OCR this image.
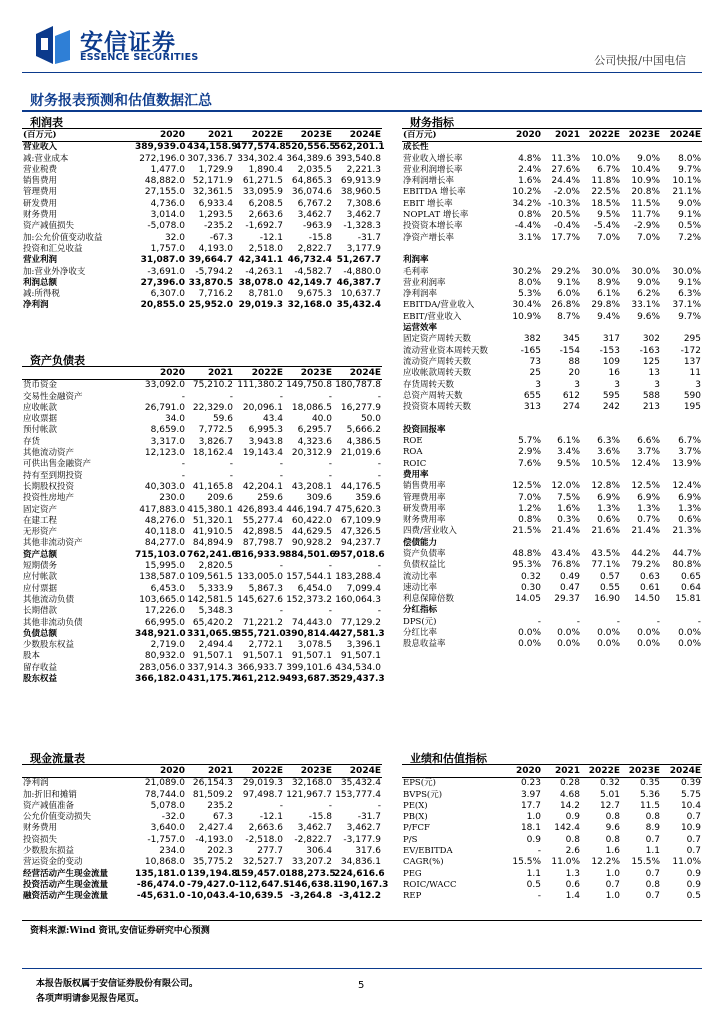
安信证券
ESSENCE SECURITIES	公司快报/中国电信
财务报表预测和估值数据汇总
利润表
(百万元)	2020	2021	2022E	2023E	2024E
营业收入	389,939.0	434,158.9	477,574.8	520,556.5	562,201.1
减:营业成本	272,196.0	307,336.7	334,302.4	364,389.6	393,540.8
营业税费	1,477.0	1,729.9	1,890.4	2,035.5	2,221.3
销售费用	48,882.0	52,171.9	61,271.5	64,865.3	69,913.9
管理费用	27,155.0	32,361.5	33,095.9	36,074.6	38,960.5
研发费用	4,736.0	6,933.4	6,208.5	6,767.2	7,308.6
财务费用	3,014.0	1,293.5	2,663.6	3,462.7	3,462.7
资产减值损失	-5,078.0	-235.2	-1,692.7	-963.9	-1,328.3
加:公允价值变动收益	32.0	-67.3	-12.1	-15.8	-31.7
投资和汇兑收益	1,757.0	4,193.0	2,518.0	2,822.7	3,177.9
营业利润	31,087.0	39,664.7	42,341.1	46,732.4	51,267.7
加:营业外净收支	-3,691.0	-5,794.2	-4,263.1	-4,582.7	-4,880.0
利润总额	27,396.0	33,870.5	38,078.0	42,149.7	46,387.7
减:所得税	6,307.0	7,716.2	8,781.0	9,675.3	10,637.7
净利润	20,855.0	25,952.0	29,019.3	32,168.0	35,432.4
资产负债表
	2020	2021	2022E	2023E	2024E
货币资金	33,092.0	75,210.2	111,380.2	149,750.8	180,787.8
交易性金融资产	-	-	-	-	-
应收帐款	26,791.0	22,329.0	20,096.1	18,086.5	16,277.9
应收票据	34.0	59.6	43.4	40.0	50.0
预付帐款	8,659.0	7,772.5	6,995.3	6,295.7	5,666.2
存货	3,317.0	3,826.7	3,943.8	4,323.6	4,386.5
其他流动资产	12,123.0	18,162.4	19,143.4	20,312.9	21,019.6
可供出售金融资产	-	-	-	-	-
持有至到期投资	-	-	-	-	-
长期股权投资	40,303.0	41,165.8	42,204.1	43,208.1	44,176.5
投资性房地产	230.0	209.6	259.6	309.6	359.6
固定资产	417,883.0	415,380.1	426,893.4	446,194.7	475,620.3
在建工程	48,276.0	51,320.1	55,277.4	60,422.0	67,109.9
无形资产	40,118.0	41,910.5	42,898.5	44,629.5	47,326.5
其他非流动资产	84,277.0	84,894.9	87,798.7	90,928.2	94,237.7
资产总额	715,103.0	762,241.6	816,933.9	884,501.6	957,018.6
短期债务	15,995.0	2,820.5	-	-	-
应付帐款	138,587.0	109,561.5	133,005.0	157,544.1	183,288.4
应付票据	6,453.0	5,333.9	5,867.3	6,454.0	7,099.4
其他流动负债	103,665.0	142,581.5	145,627.6	152,373.2	160,064.3
长期借款	17,226.0	5,348.3	-	-	-
其他非流动负债	66,995.0	65,420.2	71,221.2	74,443.0	77,129.2
负债总额	348,921.0	331,065.9	355,721.0	390,814.4	427,581.3
少数股东权益	2,719.0	2,494.4	2,772.1	3,078.5	3,396.1
股本	80,932.0	91,507.1	91,507.1	91,507.1	91,507.1
留存收益	283,056.0	337,914.3	366,933.7	399,101.6	434,534.0
股东权益	366,182.0	431,175.7	461,212.9	493,687.3	529,437.3
财务指标
(百万元)	2020	2021	2022E	2023E	2024E
成长性					
营业收入增长率	4.8%	11.3%	10.0%	9.0%	8.0%
营业利润增长率	2.4%	27.6%	6.7%	10.4%	9.7%
净利润增长率	1.6%	24.4%	11.8%	10.9%	10.1%
EBITDA 增长率	10.2%	-2.0%	22.5%	20.8%	21.1%
EBIT 增长率	34.2%	-10.3%	18.5%	11.5%	9.0%
NOPLAT 增长率	0.8%	20.5%	9.5%	11.7%	9.1%
投资资本增长率	-4.4%	-0.4%	-5.4%	-2.9%	0.5%
净资产增长率	3.1%	17.7%	7.0%	7.0%	7.2%

利润率					
毛利率	30.2%	29.2%	30.0%	30.0%	30.0%
营业利润率	8.0%	9.1%	8.9%	9.0%	9.1%
净利润率	5.3%	6.0%	6.1%	6.2%	6.3%
EBITDA/营业收入	30.4%	26.8%	29.8%	33.1%	37.1%
EBIT/营业收入	10.9%	8.7%	9.4%	9.6%	9.7%
运营效率					
固定资产周转天数	382	345	317	302	295
流动营业资本周转天数	-165	-154	-153	-163	-172
流动资产周转天数	73	88	109	125	137
应收帐款周转天数	25	20	16	13	11
存货周转天数	3	3	3	3	3
总资产周转天数	655	612	595	588	590
投资资本周转天数	313	274	242	213	195

投资回报率					
ROE	5.7%	6.1%	6.3%	6.6%	6.7%
ROA	2.9%	3.4%	3.6%	3.7%	3.7%
ROIC	7.6%	9.5%	10.5%	12.4%	13.9%
费用率					
销售费用率	12.5%	12.0%	12.8%	12.5%	12.4%
管理费用率	7.0%	7.5%	6.9%	6.9%	6.9%
研发费用率	1.2%	1.6%	1.3%	1.3%	1.3%
财务费用率	0.8%	0.3%	0.6%	0.7%	0.6%
四费/营业收入	21.5%	21.4%	21.6%	21.4%	21.3%
偿债能力					
资产负债率	48.8%	43.4%	43.5%	44.2%	44.7%
负债权益比	95.3%	76.8%	77.1%	79.2%	80.8%
流动比率	0.32	0.49	0.57	0.63	0.65
速动比率	0.30	0.47	0.55	0.61	0.64
利息保障倍数	14.05	29.37	16.90	14.50	15.81
分红指标					
DPS(元)	-	-	-	-	-
分红比率	0.0%	0.0%	0.0%	0.0%	0.0%
股息收益率	0.0%	0.0%	0.0%	0.0%	0.0%
现金流量表
	2020	2021	2022E	2023E	2024E
净利润	21,089.0	26,154.3	29,019.3	32,168.0	35,432.4
加:折旧和摊销	78,744.0	81,509.2	97,498.7	121,967.7	153,777.4
资产减值准备	5,078.0	235.2	-	-	-
公允价值变动损失	-32.0	67.3	-12.1	-15.8	-31.7
财务费用	3,640.0	2,427.4	2,663.6	3,462.7	3,462.7
投资损失	-1,757.0	-4,193.0	-2,518.0	-2,822.7	-3,177.9
少数股东损益	234.0	202.3	277.7	306.4	317.6
营运资金的变动	10,868.0	35,775.2	32,527.7	33,207.2	34,836.1
经营活动产生现金流量	135,181.0	139,194.8	159,457.0	188,273.5	224,616.6
投资活动产生现金流量	-86,474.0	-79,427.0	-112,647.5	-146,638.1	-190,167.3
融资活动产生现金流量	-45,631.0	-10,043.4	-10,639.5	-3,264.8	-3,412.2
业绩和估值指标
	2020	2021	2022E	2023E	2024E
EPS(元)	0.23	0.28	0.32	0.35	0.39
BVPS(元)	3.97	4.68	5.01	5.36	5.75
PE(X)	17.7	14.2	12.7	11.5	10.4
PB(X)	1.0	0.9	0.8	0.8	0.7
P/FCF	18.1	142.4	9.6	8.9	10.9
P/S	0.9	0.8	0.8	0.7	0.7
EV/EBITDA	-	2.6	1.6	1.1	0.7
CAGR(%)	15.5%	11.0%	12.2%	15.5%	11.0%
PEG	1.1	1.3	1.0	0.7	0.9
ROIC/WACC	0.5	0.6	0.7	0.8	0.9
REP	-	1.4	1.0	0.7	0.5
资料来源:Wind 资讯,安信证券研究中心预测
本报告版权属于安信证券股份有限公司。
各项声明请参见报告尾页。
5
